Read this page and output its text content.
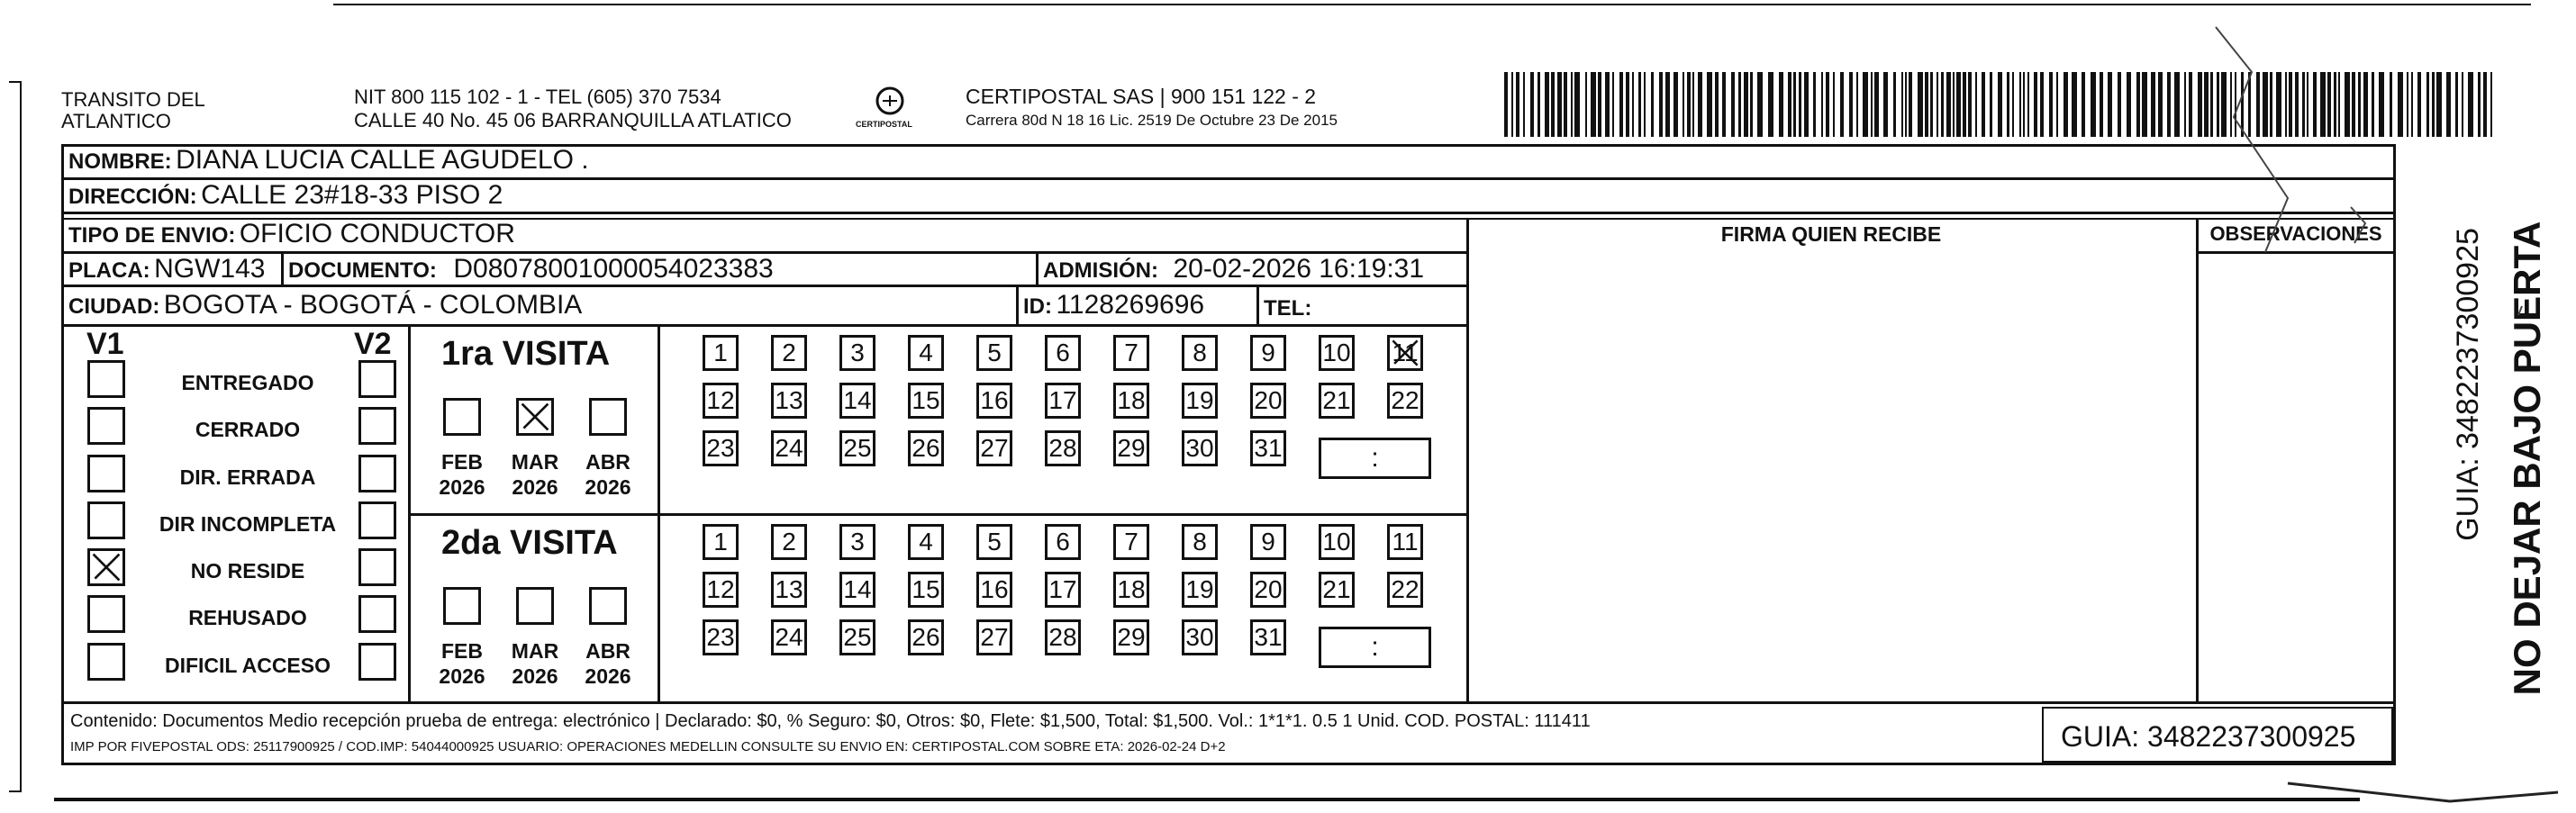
TRANSITO DEL
ATLANTICO
NIT 800 115 102 - 1 - TEL (605) 370 7534
CALLE 40 No. 45 06 BARRANQUILLA ATLATICO	CERTIPOSTAL
CERTIPOSTAL SAS | 900 151 122 - 2
Carrera 80d N 18 16 Lic. 2519 De Octubre 23 De 2015
NOMBRE: DIANA LUCIA CALLE AGUDELO .
DIRECCIÓN: CALLE 23#18-33 PISO 2
TIPO DE ENVIO: OFICIO CONDUCTOR
PLACA: NGW143 DOCUMENTO: D08078001000054023383	ADMISIÓN: 20-02-2026 16:19:31
CIUDAD: BOGOTA - BOGOTÁ - COLOMBIA	ID: 1128269696	TEL:
FIRMA QUIEN RECIBE	OBSERVACIONES
V1	V2
ENTREGADO
CERRADO
DIR. ERRADA
DIR INCOMPLETA
NO RESIDE
REHUSADO
DIFICIL ACCESO
1ra VISITA
FEB
2026
MAR
2026
ABR
2026
1 2 3 4 5 6 7 8 9 10 11
12 13 14 15 16 17 18 19 20 21 22
23 24 25 26 27 28 29 30 31	:
2da VISITA
FEB
2026
MAR
2026
ABR
2026
1 2 3 4 5 6 7 8 9 10 11
12 13 14 15 16 17 18 19 20 21 22
23 24 25 26 27 28 29 30 31	:
Contenido: Documentos Medio recepción prueba de entrega: electrónico | Declarado: $0, % Seguro: $0, Otros: $0, Flete: $1,500, Total: $1,500. Vol.: 1*1*1. 0.5 1 Unid. COD. POSTAL: 111411
IMP POR FIVEPOSTAL ODS: 25117900925 / COD.IMP: 54044000925 USUARIO: OPERACIONES MEDELLIN CONSULTE SU ENVIO EN: CERTIPOSTAL.COM SOBRE ETA: 2026-02-24 D+2	GUIA: 3482237300925
NO DEJAR BAJO PUERTA
GUIA: 3482237300925
